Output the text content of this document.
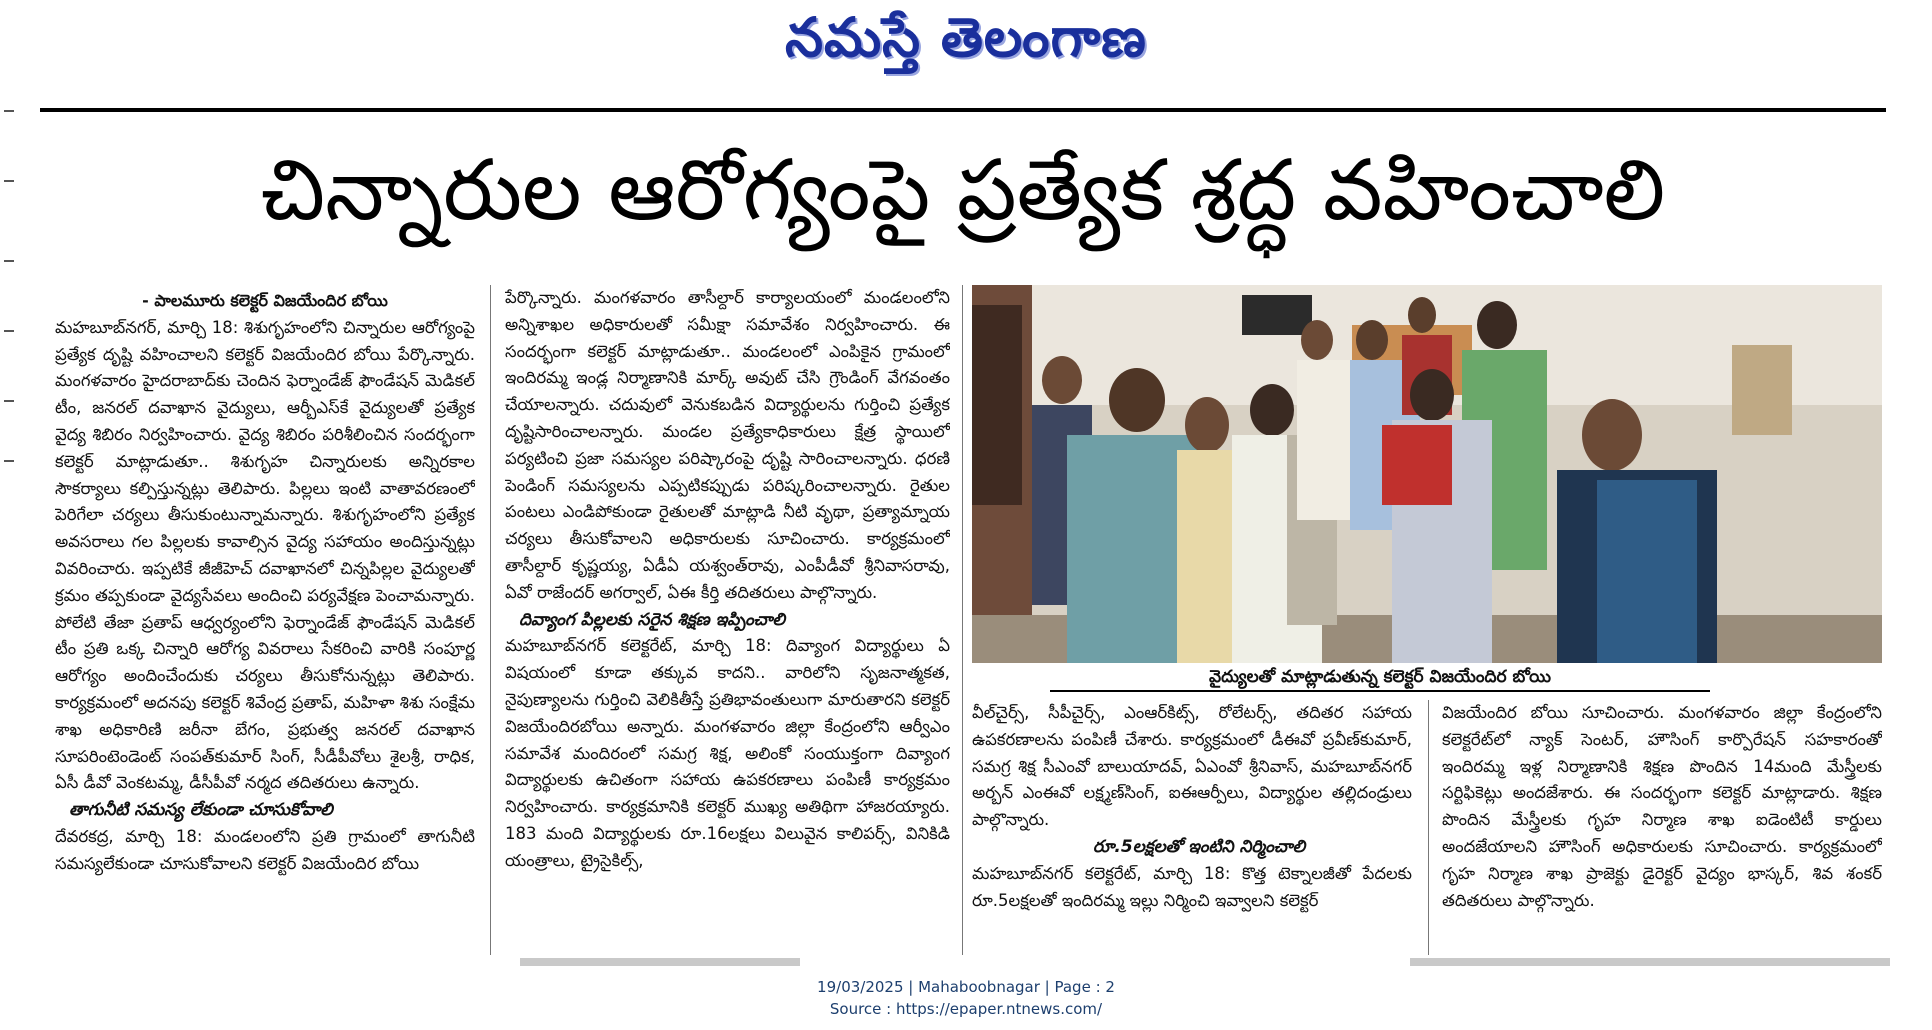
నమస్తే తెలంగాణ
చిన్నారుల ఆరోగ్యంపై ప్రత్యేక శ్రద్ధ వహించాలి

- పాలమూరు కలెక్టర్ విజయేందిర బోయి

మహబూబ్‌నగర్, మార్చి 18: శిశుగృహంలోని చిన్నారుల ఆరోగ్యంపై ప్రత్యేక దృష్టి వహించాలని కలెక్టర్ విజయేందిర బోయి పేర్కొన్నారు. మంగళవారం హైదరాబాద్‌కు చెందిన ఫెర్నాండేజ్ ఫౌండేషన్ మెడికల్ టీం, జనరల్ దవాఖాన వైద్యులు, ఆర్బీఎస్‌కే వైద్యులతో ప్రత్యేక వైద్య శిబిరం నిర్వహించారు. వైద్య శిబిరం పరిశీలించిన సందర్భంగా కలెక్టర్ మాట్లాడుతూ.. శిశుగృహ చిన్నారులకు అన్నిరకాల సౌకర్యాలు కల్పిస్తున్నట్లు తెలిపారు. పిల్లలు ఇంటి వాతావరణంలో పెరిగేలా చర్యలు తీసుకుంటున్నామన్నారు. శిశుగృహంలోని ప్రత్యేక అవసరాలు గల పిల్లలకు కావాల్సిన వైద్య సహాయం అందిస్తున్నట్లు వివరించారు. ఇప్పటికే జీజీహెచ్ దవాఖానలో చిన్నపిల్లల వైద్యులతో క్రమం తప్పకుండా వైద్యసేవలు అందించి పర్యవేక్షణ పెంచామన్నారు. పోలేటి తేజా ప్రతాప్ ఆధ్వర్యంలోని ఫెర్నాండేజ్ ఫౌండేషన్ మెడికల్ టీం ప్రతి ఒక్క చిన్నారి ఆరోగ్య వివరాలు సేకరించి వారికి సంపూర్ణ ఆరోగ్యం అందించేందుకు చర్యలు తీసుకోనున్నట్లు తెలిపారు. కార్యక్రమంలో అదనపు కలెక్టర్ శివేంద్ర ప్రతాప్, మహిళా శిశు సంక్షేమ శాఖ అధికారిణి జరీనా బేగం, ప్రభుత్వ జనరల్ దవాఖాన సూపరింటెండెంట్ సంపత్‌కుమార్ సింగ్, సీడీపీవోలు శైలశ్రీ, రాధిక, ఏసీ డీవో వెంకటమ్మ, డీసీపీవో నర్మద తదితరులు ఉన్నారు.

తాగునీటి సమస్య లేకుండా చూసుకోవాలి

దేవరకద్ర, మార్చి 18: మండలంలోని ప్రతి గ్రామంలో తాగునీటి సమస్యలేకుండా చూసుకోవాలని కలెక్టర్ విజయేందిర బోయి

పేర్కొన్నారు. మంగళవారం తాసీల్దార్ కార్యాలయంలో మండలంలోని అన్నిశాఖల అధికారులతో సమీక్షా సమావేశం నిర్వహించారు. ఈ సందర్భంగా కలెక్టర్ మాట్లాడుతూ.. మండలంలో ఎంపికైన గ్రామంలో ఇందిరమ్మ ఇండ్ల నిర్మాణానికి మార్క్ అవుట్ చేసి గ్రౌండింగ్ వేగవంతం చేయాలన్నారు. చదువులో వెనుకబడిన విద్యార్థులను గుర్తించి ప్రత్యేక దృష్టిసారించాలన్నారు. మండల ప్రత్యేకాధికారులు క్షేత్ర స్థాయిలో పర్యటించి ప్రజా సమస్యల పరిష్కారంపై దృష్టి సారించాలన్నారు. ధరణి పెండింగ్ సమస్యలను ఎప్పటికప్పుడు పరిష్కరించాలన్నారు. రైతుల పంటలు ఎండిపోకుండా రైతులతో మాట్లాడి నీటి వృథా, ప్రత్యామ్నాయ చర్యలు తీసుకోవాలని అధికారులకు సూచించారు. కార్యక్రమంలో తాసీల్దార్ కృష్ణయ్య, ఏడీఏ యశ్వంత్‌రావు, ఎంపీడీవో శ్రీనివాసరావు, ఏవో రాజేందర్ అగర్వాల్, ఏఈ కీర్తి తదితరులు పాల్గొన్నారు.

దివ్యాంగ పిల్లలకు సరైన శిక్షణ ఇప్పించాలి

మహబూబ్‌నగర్ కలెక్టరేట్, మార్చి 18: దివ్యాంగ విద్యార్థులు ఏ విషయంలో కూడా తక్కువ కాదని.. వారిలోని సృజనాత్మకత, నైపుణ్యాలను గుర్తించి వెలికితీస్తే ప్రతిభావంతులుగా మారుతారని కలెక్టర్ విజయేందిరబోయి అన్నారు. మంగళవారం జిల్లా కేంద్రంలోని ఆర్వీఎం సమావేశ మందిరంలో సమగ్ర శిక్ష, అలింకో సంయుక్తంగా దివ్యాంగ విద్యార్థులకు ఉచితంగా సహాయ ఉపకరణాలు పంపిణీ కార్యక్రమం నిర్వహించారు. కార్యక్రమానికి కలెక్టర్ ముఖ్య అతిథిగా హాజరయ్యారు. 183 మంది విద్యార్థులకు రూ.16లక్షలు విలువైన కాలిపర్స్, వినికిడి యంత్రాలు, ట్రైసైకిల్స్,

వైద్యులతో మాట్లాడుతున్న కలెక్టర్ విజయేందిర బోయి

వీల్‌చైర్స్, సీపీచైర్స్, ఎంఆర్‌కిట్స్, రోలేటర్స్, తదితర సహాయ ఉపకరణాలను పంపిణీ చేశారు. కార్యక్రమంలో డీఈవో ప్రవీణ్‌కుమార్, సమగ్ర శిక్ష సీఎంవో బాలుయాదవ్, ఏఎంవో శ్రీనివాస్, మహబూబ్‌నగర్ అర్బన్ ఎంఈవో లక్ష్మణ్‌సింగ్, ఐఈఆర్పీలు, విద్యార్థుల తల్లిదండ్రులు పాల్గొన్నారు.

రూ.5లక్షలతో ఇంటిని నిర్మించాలి

మహబూబ్‌నగర్ కలెక్టరేట్, మార్చి 18: కొత్త టెక్నాలజీతో పేదలకు రూ.5లక్షలతో ఇందిరమ్మ ఇల్లు నిర్మించి ఇవ్వాలని కలెక్టర్

విజయేందిర బోయి సూచించారు. మంగళవారం జిల్లా కేంద్రంలోని కలెక్టరేట్‌లో న్యాక్ సెంటర్, హౌసింగ్ కార్పొరేషన్ సహకారంతో ఇందిరమ్మ ఇళ్ల నిర్మాణానికి శిక్షణ పొందిన 14మంది మేస్త్రీలకు సర్టిఫికెట్లు అందజేశారు. ఈ సందర్భంగా కలెక్టర్ మాట్లాడారు. శిక్షణ పొందిన మేస్త్రీలకు గృహ నిర్మాణ శాఖ ఐడెంటిటీ కార్డులు అందజేయాలని హౌసింగ్ అధికారులకు సూచించారు. కార్యక్రమంలో గృహ నిర్మాణ శాఖ ప్రాజెక్టు డైరెక్టర్ వైద్యం భాస్కర్, శివ శంకర్ తదితరులు పాల్గొన్నారు.

19/03/2025 | Mahaboobnagar | Page : 2
Source : https://epaper.ntnews.com/
